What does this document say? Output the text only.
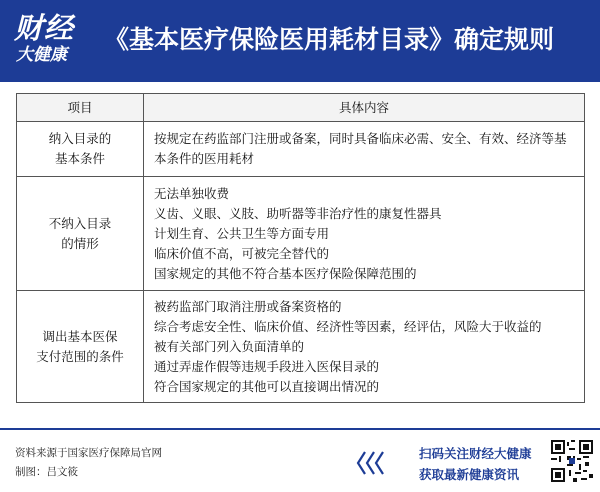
财经
大健康
《基本医疗保险医用耗材目录》确定规则
项目	具体内容

纳入目录的
基本条件	按规定在药监部门注册或备案，同时具备临床必需、安全、有效、经济等基本条件的医用耗材

不纳入目录
的情形	无法单独收费
义齿、义眼、义肢、助听器等非治疗性的康复性器具
计划生育、公共卫生等方面专用
临床价值不高，可被完全替代的
国家规定的其他不符合基本医疗保险保障范围的

调出基本医保
支付范围的条件	被药监部门取消注册或备案资格的
综合考虑安全性、临床价值、经济性等因素，经评估，风险大于收益的
被有关部门列入负面清单的
通过弄虚作假等违规手段进入医保目录的
符合国家规定的其他可以直接调出情况的
资料来源于国家医疗保障局官网
制图：吕文筱
扫码关注财经大健康
获取最新健康资讯
